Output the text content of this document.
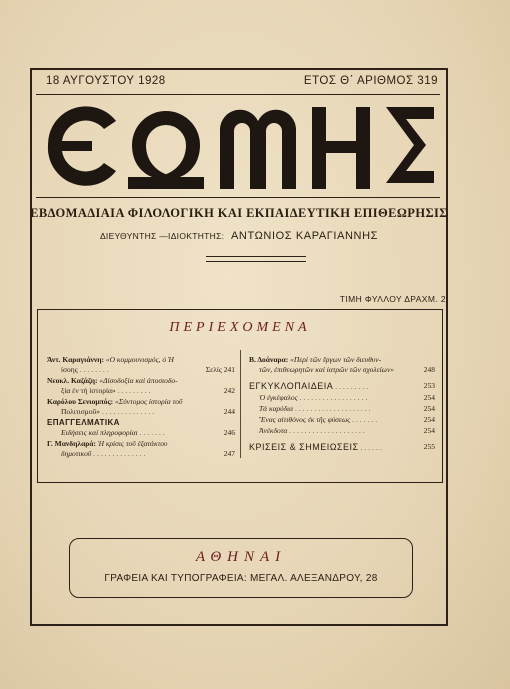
18 ΑΥΓΟΥΣΤΟΥ 1928	ΕΤΟΣ Θ΄ ΑΡΙΘΜΟΣ 319
ΕΒΔΟΜΑΔΙΑΙΑ ΦΙΛΟΛΟΓΙΚΗ ΚΑΙ ΕΚΠΑΙΔΕΥΤΙΚΗ ΕΠΙΘΕΩΡΗΣΙΣ
ΔΙΕΥΘΥΝΤΗΣ —ΙΔΙΟΚΤΗΤΗΣ: ΑΝΤΩΝΙΟΣ ΚΑΡΑΓΙΑΝΝΗΣ
ΤΙΜΗ ΦΥΛΛΟΥ ΔΡΑΧΜ. 2
ΠΕΡΙΕΧΟΜΕΝΑ
Άντ. Καραγιάννη: «Ο κομμουνισμός, ό Ή
ίσοης ........	Σελίς 241
Νεοκλ. Καζάζη: «Δίσοδοξία καί άποσιοδο-
ξία έν τή ίστορία» .........	242
Καρόλου Σενιομπός: «Σύντομος ίστορία τοῦ
Πολιτισμοῦ» ..............	244
ΕΠΑΓΓΕΛΜΑΤΙΚΑ
Ειδήσεις καί πληροφορίαι .......	246
Γ. Μανδηλαρά: Ἡ κρίσις τοῦ ἑξατάκτου
δημοτικοῦ ..............	247
Β. Δοάναρα: «Περί τῶν ἔργων τῶν διευθυν-
τῶν, ἐπιθεωρητῶν καί ἰατρῶν τῶν σχολείων»	248
ΕΓΚΥΚΛΟΠΑΙΔΕΙΑ .........	253
Ὁ ἐγκέφαλος ..................	254
Τὰ καρύδια ....................	254
Ἕνας αἰτιθόνος ἐκ τῆς φύσεως .......	254
Ἀνέκδοτα ....................	254
ΚΡΙΣΕΙΣ & ΣΗΜΕΙΩΣΕΙΣ ......	255
ΑΘΗΝΑΙ
ΓΡΑΦΕΙΑ ΚΑΙ ΤΥΠΟΓΡΑΦΕΙΑ: ΜΕΓΑΛ. ΑΛΕΞΑΝΔΡΟΥ, 28
